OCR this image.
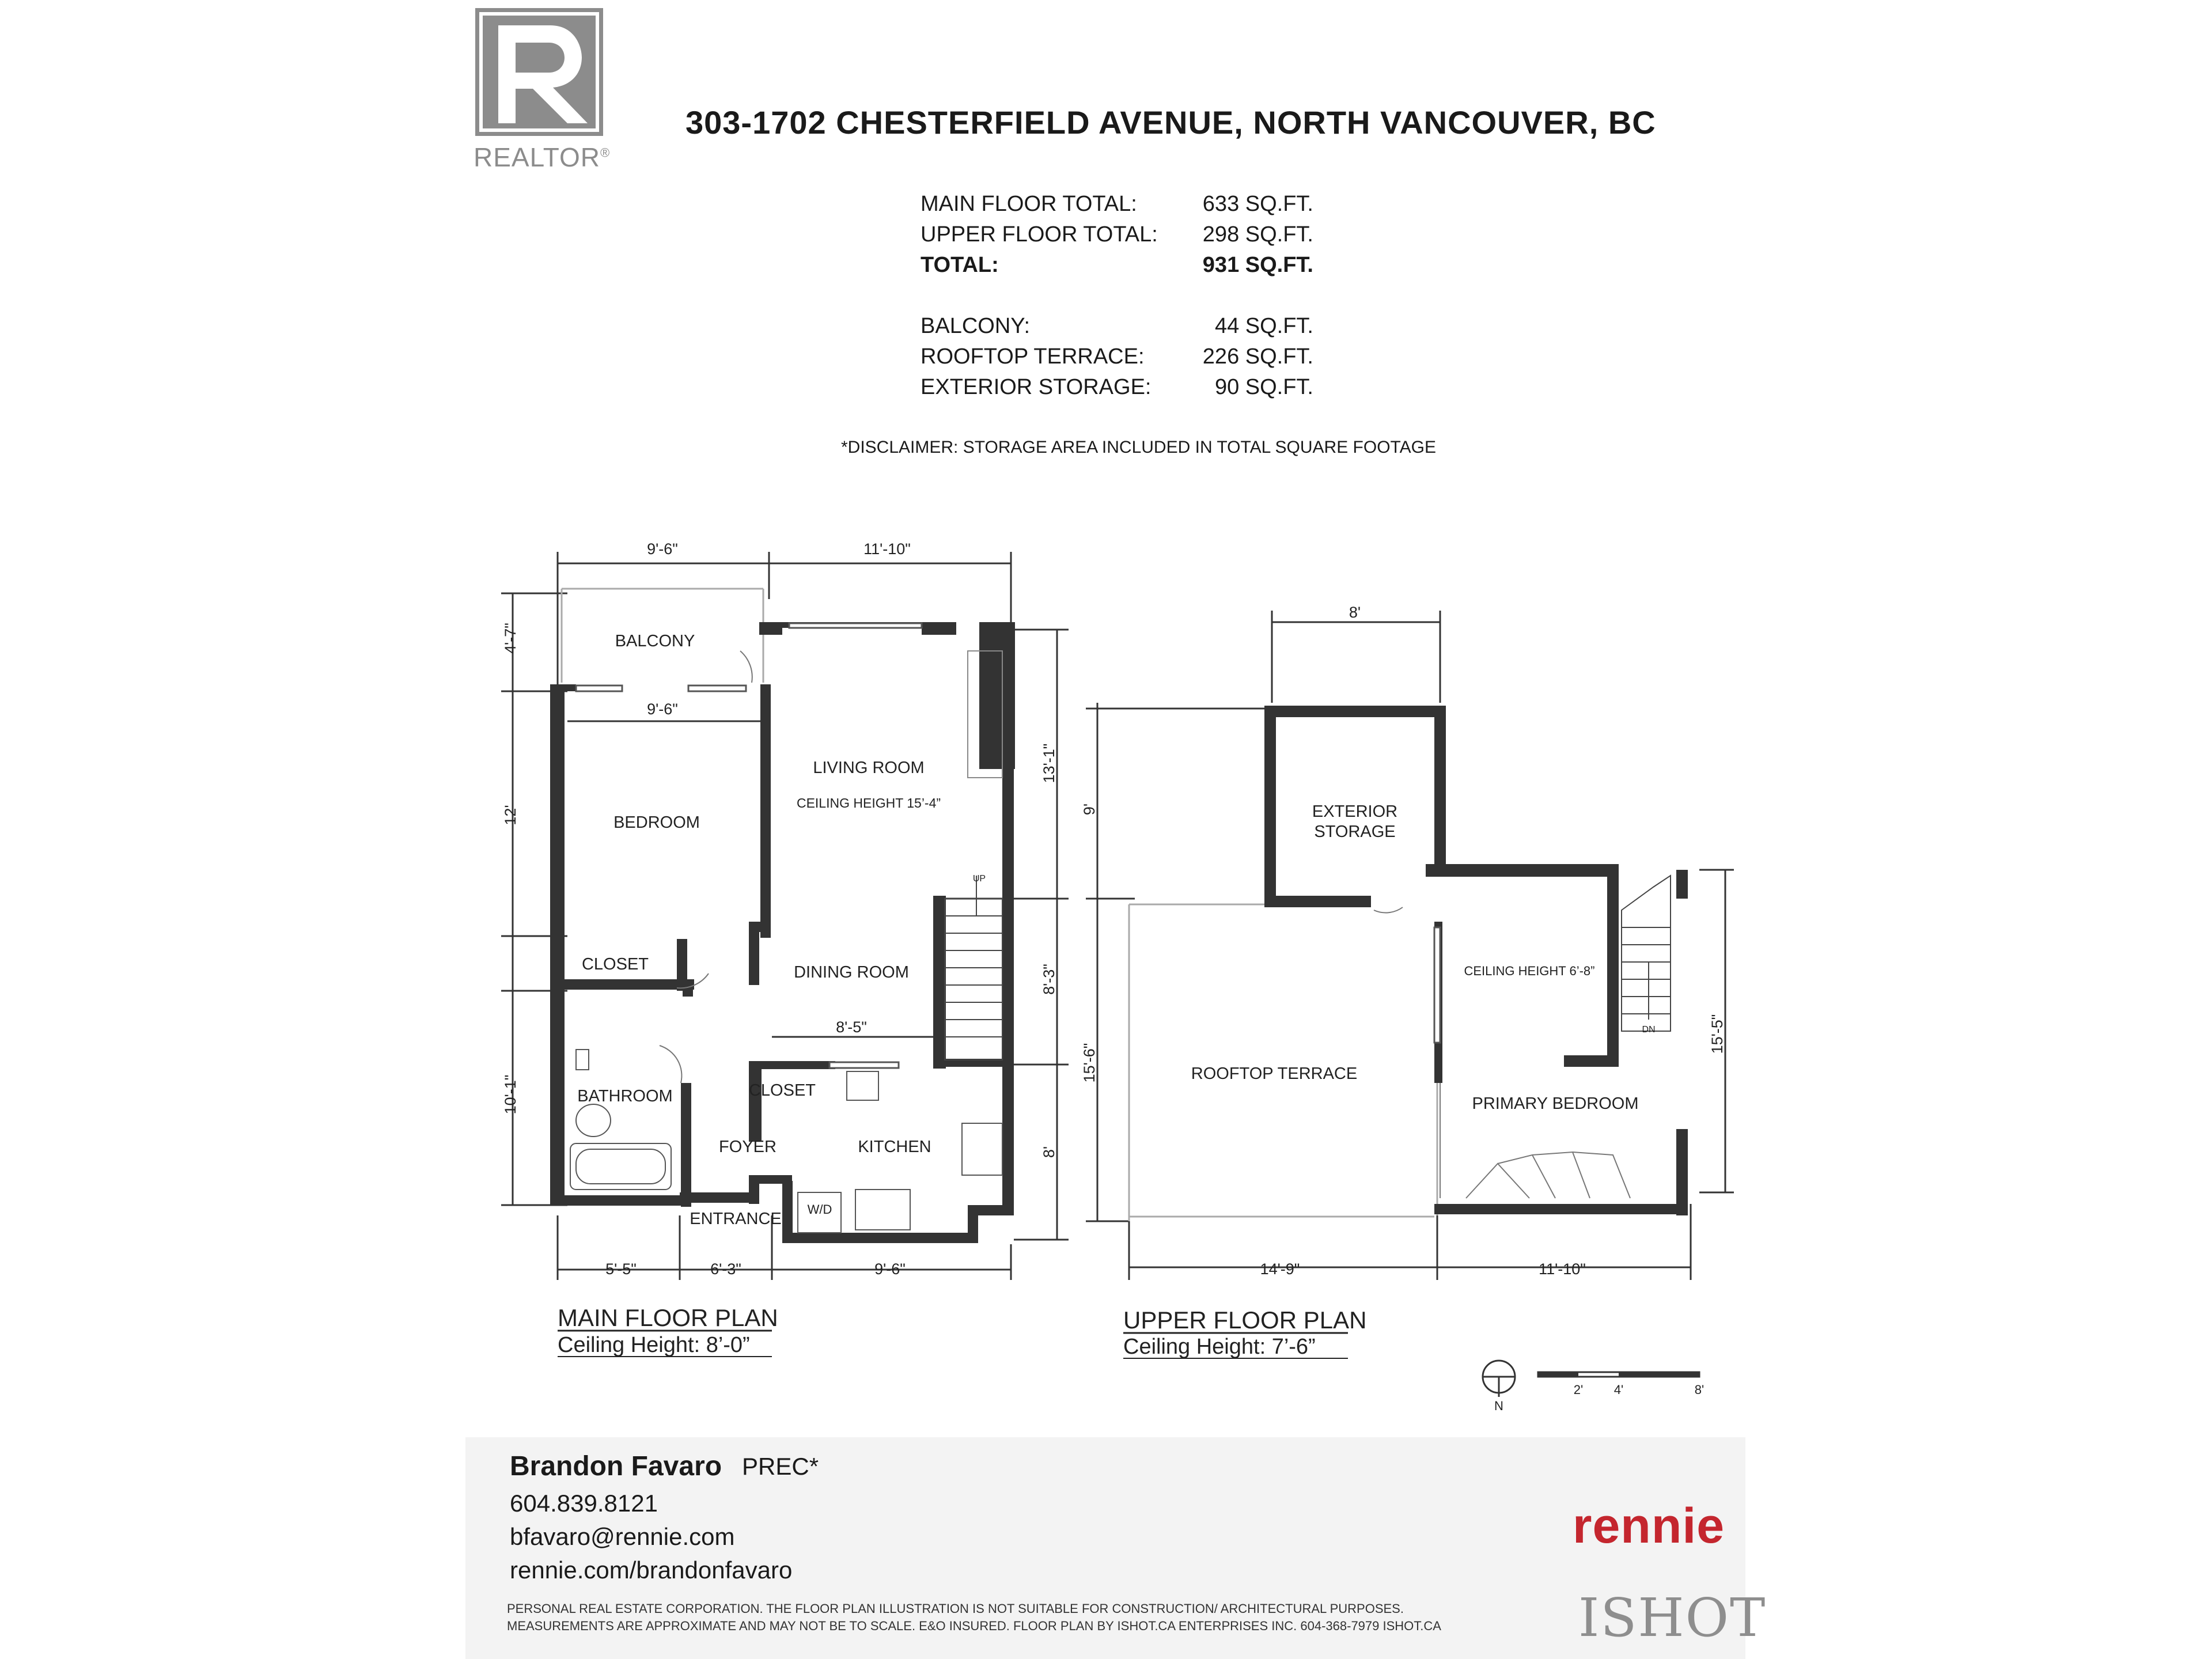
REALTOR®
303-1702 CHESTERFIELD AVENUE, NORTH VANCOUVER, BC
MAIN FLOOR TOTAL:	633 SQ.FT.
UPPER FLOOR TOTAL:	298 SQ.FT.
TOTAL:	931 SQ.FT.
BALCONY:	44 SQ.FT.
ROOFTOP TERRACE:	226 SQ.FT.
EXTERIOR STORAGE:	90 SQ.FT.
*DISCLAIMER: STORAGE AREA INCLUDED IN TOTAL SQUARE FOOTAGE
BALCONY
BEDROOM
LIVING ROOM
CEILING HEIGHT 15’-4”
DINING ROOM
CLOSET
BATHROOM	CLOSET
FOYER	KITCHEN
ENTRANCE
W/D
UP
9'-6"	11'-10"
9'-6"
8'-5"
5'-5"	6'-3"	9'-6"
4'-7"
12'
10'-1"
13'-1"
8'-3"
8'
MAIN FLOOR PLAN
Ceiling Height: 8’-0”
EXTERIOR
STORAGE
ROOFTOP TERRACE
PRIMARY BEDROOM
CEILING HEIGHT 6’-8”
DN
8'
14'-9"	11'-10"
9'
15'-6"
15'-5"
UPPER FLOOR PLAN
Ceiling Height: 7’-6”
N
2' 4'	8'
Brandon Favaro PREC*
604.839.8121
bfavaro@rennie.com
rennie.com/brandonfavaro
rennie
PERSONAL REAL ESTATE CORPORATION. THE FLOOR PLAN ILLUSTRATION IS NOT SUITABLE FOR CONSTRUCTION/ ARCHITECTURAL PURPOSES.
MEASUREMENTS ARE APPROXIMATE AND MAY NOT BE TO SCALE. E&O INSURED. FLOOR PLAN BY ISHOT.CA ENTERPRISES INC. 604-368-7979 ISHOT.CA	ISHOT
